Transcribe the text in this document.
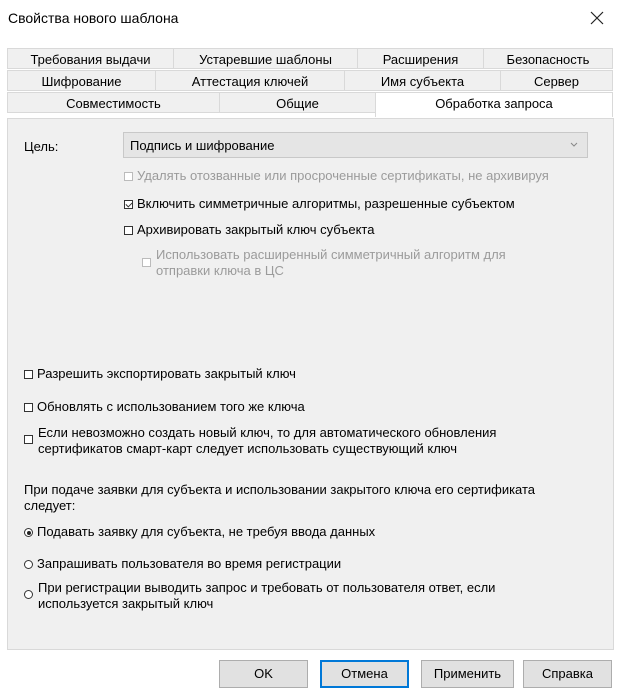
Свойства нового шаблона
Требования выдачи	Устаревшие шаблоны	Расширения	Безопасность
Шифрование	Аттестация ключей	Имя субъекта	Сервер
Совместимость	Общие	Обработка запроса
Цель:	Подпись и шифрование
Удалять отозванные или просроченные сертификаты, не архивируя
Включить симметричные алгоритмы, разрешенные субъектом
Архивировать закрытый ключ субъекта
Использовать расширенный симметричный алгоритм для
отправки ключа в ЦС
Разрешить экспортировать закрытый ключ
Обновлять с использованием того же ключа
Если невозможно создать новый ключ, то для автоматического обновления
сертификатов смарт-карт следует использовать существующий ключ
При подаче заявки для субъекта и использовании закрытого ключа его сертификата
следует:
Подавать заявку для субъекта, не требуя ввода данных
Запрашивать пользователя во время регистрации
При регистрации выводить запрос и требовать от пользователя ответ, если
используется закрытый ключ
OK	Отмена	Применить	Справка
